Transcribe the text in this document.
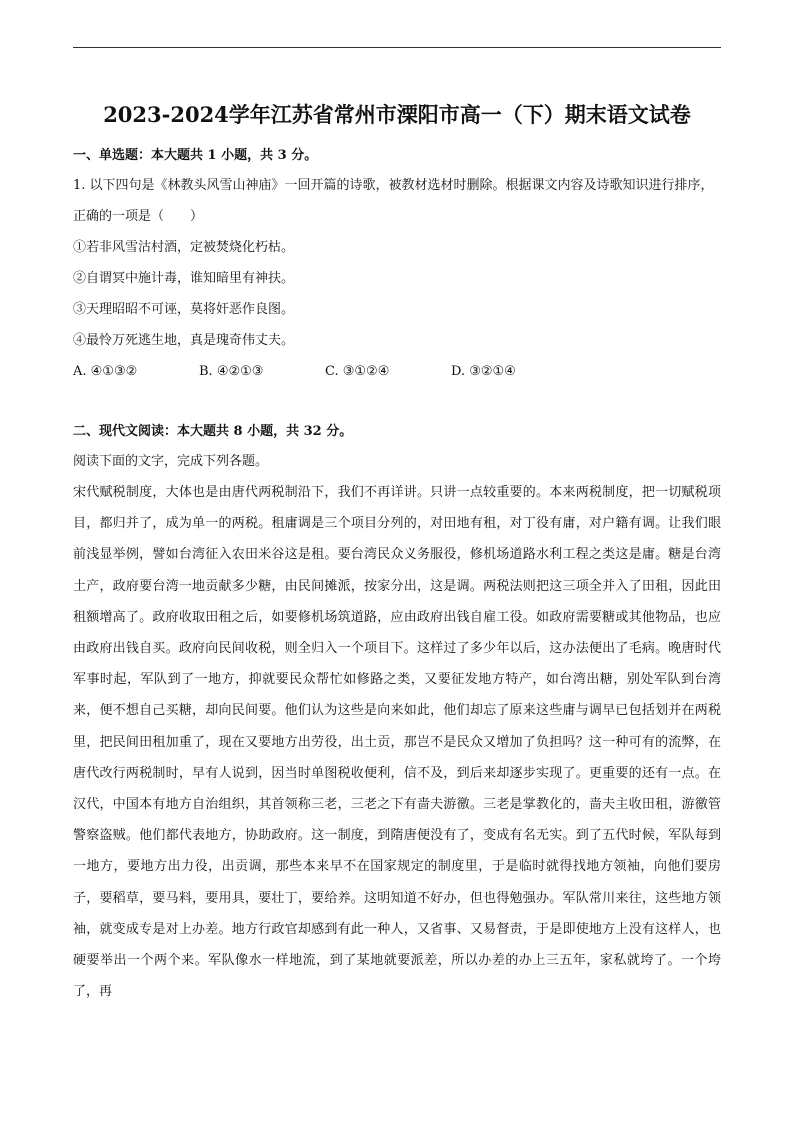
2023-2024学年江苏省常州市溧阳市高一（下）期末语文试卷

一、单选题：本大题共 1 小题，共 3 分。

1. 以下四句是《林教头风雪山神庙》一回开篇的诗歌，被教材选材时删除。根据课文内容及诗歌知识进行排序，正确的一项是（　　）

①若非风雪沽村酒，定被焚烧化朽枯。

②自谓冥中施计毒，谁知暗里有神扶。

③天理昭昭不可诬，莫将奸恶作良图。

④最怜万死逃生地，真是瑰奇伟丈夫。

A. ④①③②	B. ④②①③	C. ③①②④	D. ③②①④

二、现代文阅读：本大题共 8 小题，共 32 分。

阅读下面的文字，完成下列各题。

宋代赋税制度，大体也是由唐代两税制沿下，我们不再详讲。只讲一点较重要的。本来两税制度，把一切赋税项目，都归并了，成为单一的两税。租庸调是三个项目分列的，对田地有租，对丁役有庸，对户籍有调。让我们眼前浅显举例，譬如台湾征入农田米谷这是租。要台湾民众义务服役，修机场道路水利工程之类这是庸。糖是台湾土产，政府要台湾一地贡献多少糖，由民间摊派，按家分出，这是调。两税法则把这三项全并入了田租，因此田租额增高了。政府收取田租之后，如要修机场筑道路，应由政府出钱自雇工役。如政府需要糖或其他物品，也应由政府出钱自买。政府向民间收税，则全归入一个项目下。这样过了多少年以后，这办法便出了毛病。晚唐时代军事时起，军队到了一地方，抑就要民众帮忙如修路之类，又要征发地方特产，如台湾出糖，别处军队到台湾来，便不想自己买糖，却向民间要。他们认为这些是向来如此，他们却忘了原来这些庸与调早已包括划并在两税里，把民间田租加重了，现在又要地方出劳役，出土贡，那岂不是民众又增加了负担吗？这一种可有的流弊，在唐代改行两税制时，早有人说到，因当时单图税收便利，信不及，到后来却逐步实现了。更重要的还有一点。在汉代，中国本有地方自治组织，其首领称三老，三老之下有啬夫游徼。三老是掌教化的，啬夫主收田租，游徼管警察盗贼。他们都代表地方，协助政府。这一制度，到隋唐便没有了，变成有名无实。到了五代时候，军队每到一地方，要地方出力役，出贡调，那些本来早不在国家规定的制度里，于是临时就得找地方领袖，向他们要房子，要稻草，要马料，要用具，要壮丁，要给养。这明知道不好办，但也得勉强办。军队常川来往，这些地方领袖，就变成专是对上办差。地方行政官却感到有此一种人，又省事、又易督责，于是即使地方上没有这样人，也硬要举出一个两个来。军队像水一样地流，到了某地就要派差，所以办差的办上三五年，家私就垮了。一个垮了，再
